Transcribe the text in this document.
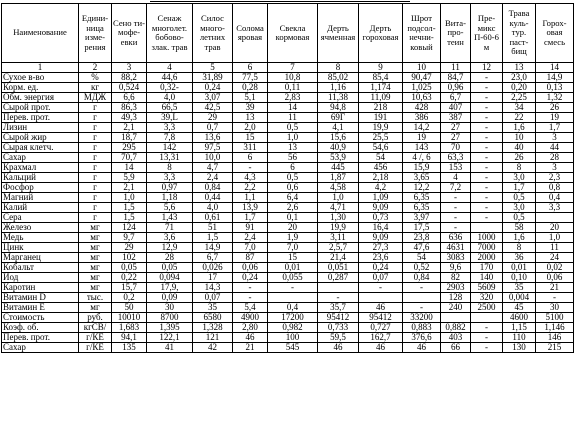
Наименование	Едининица измерения	Сено тимофеевки	Сенаж многолет. бобово-злак. трав	Силос многолетних трав	Солома яровая	Свекла кормовая	Дерть ячменная	Дерть гороховая	Шрот подсолнечниковый	Витапротеин	Премикс П-60-6 м	Трава культур. пастбищ	Гороховая смесь
1	2	3	4	5	6	7	8	9	10	11	12	13	14
Сухое в-во	%	88,2	44,6	31,89	77,5	10,8	85,02	85,4	90,47	84,7	-	23,0	14,9
Корм. ед.	кг	0,524	0,32-	0,24	0,28	0,11	1,16	1,174	1,025	0,96	-	0,20	0,13
Обм. энергия	МДЖ	6,6	4,0	3,07	5,1	2,83	11,38	11,09	10,63	6,7	-	2,25	1,32
Сырой прот.	г	86,3	66,5	42,5	39	14	94,8	218	428	407	-	34	26
Перев. прот.	г	49,3	39,L	29	13	11	69Г	191	386	387	-	22	19
Лизин	г	2,1	3,3	0,7	2,0	0,5	4,1	19,9	14,2	27	-	1,6	1,7
Сырой жир	г	18,7	7,8	13,6	15	1,0	15,6	25,5	19	27	-	10	3
Сырая клетч.	г	295	142	97,5	311	13	40,9	54,6	143	70	-	40	44
Сахар	г	70,7	13,31	10,0	6	56	53,9	54	4 /, 6	63,3	-	26	28
Крахмал	г	14	8	4,7	-	6	445	456	15,9	153	-	8	3
Кальций	г	5,9	3,3	2,4	4,3	0,5	1,87	2,18	3,65	4	-	3,0	2,3
Фосфор	г	2,1	0,97	0,84	2,2	0,6	4,58	4,2	12,2	7,2	-	1,7	0,8
Магний	г	1,0	1,18	0,44	1,1	6,4	1,0	1,09	6,35	-	-	0,5	0,4
Калий	г	1,5	5,6	4,0	13,9	2,6	4,71	9,09	6,35	-	-	3,0	3,3
Сера	г	1,5	1,43	0,61	1,7	0,1	1,30	0,73	3,97	-	-	0,5	
Железо	мг	124	71	51	91	20	19,9	16,4	17,5	-		58	20
Медь	мг	9,7	3,6	1,5	2,4	1,9	3,11	9,09	23,8	636	1000	1,6	1,0
Цинк	мг	29	12,9	14,9	7,0	7,0	2,5,7	27,3	47,6	4631	7000	8	11
Марганец	мг	102	28	6,7	87	15	21,4	23,6	54	3083	2000	36	24
Кобальт	мг	0,05	0,05	0,026	0,06	0,01	0,051	0,24	0,52	9,6	170	0,01	0,02
Иод	мг	0,22	0,094	17	0,24	0,055	0,287	0,07	0,84	82	140	0,10	0,06
Каротин	мг	15,7	17,9,	14,3	-	-		-	-	2903	5609	35	21
Витамин D	тыс.	0,2	0,09	0,07	-		-			128	320	0,004	-
Витамин Е	мг	50	30	35	5,4	0,4	35,7	46	-	240	2500	45	30
Стоимость	руб.	10010	8700	6580	4900	17200	95412	95412	33200			4600	5100
Коэф. об.	кгСВ/	1,683	1,395	1,328	2,80	0,982	0,733	0,727	0,883	0,882	-	1,15	1,146
Перев. прот.	г/КЕ	94,1	122,1	121	46	100	59,5	162,7	376,6	403	-	110	146
Сахар	г/КЕ	135	41	42	21	545	46	46	46	66	-	130	215
